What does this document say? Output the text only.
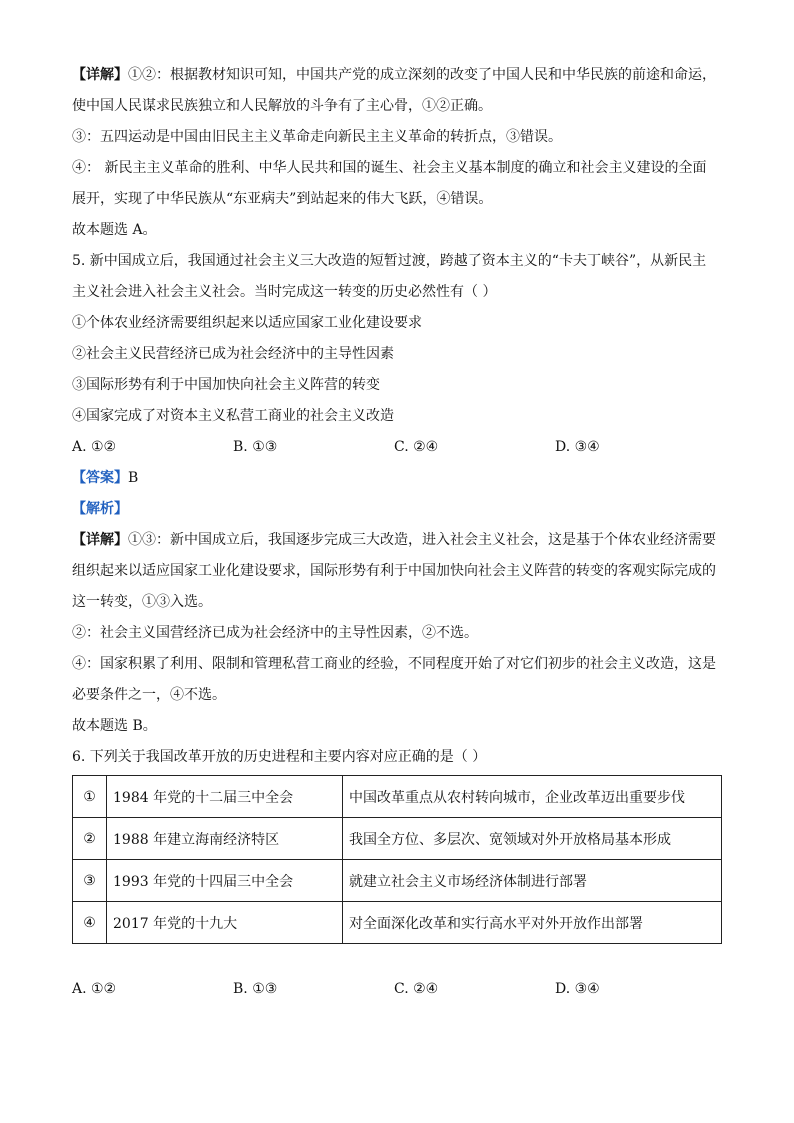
【详解】①②：根据教材知识可知，中国共产党的成立深刻的改变了中国人民和中华民族的前途和命运，
使中国人民谋求民族独立和人民解放的斗争有了主心骨，①②正确。
③：五四运动是中国由旧民主主义革命走向新民主主义革命的转折点，③错误。
④： 新民主主义革命的胜利、中华人民共和国的诞生、社会主义基本制度的确立和社会主义建设的全面
展开，实现了中华民族从“东亚病夫”到站起来的伟大飞跃，④错误。
故本题选 A。
5. 新中国成立后，我国通过社会主义三大改造的短暂过渡，跨越了资本主义的“卡夫丁峡谷”，从新民主
主义社会进入社会主义社会。当时完成这一转变的历史必然性有（ ）
①个体农业经济需要组织起来以适应国家工业化建设要求
②社会主义民营经济已成为社会经济中的主导性因素
③国际形势有利于中国加快向社会主义阵营的转变
④国家完成了对资本主义私营工商业的社会主义改造
A. ①②	B. ①③	C. ②④	D. ③④
【答案】B
【解析】
【详解】①③：新中国成立后，我国逐步完成三大改造，进入社会主义社会，这是基于个体农业经济需要
组织起来以适应国家工业化建设要求，国际形势有利于中国加快向社会主义阵营的转变的客观实际完成的
这一转变，①③入选。
②：社会主义国营经济已成为社会经济中的主导性因素，②不选。
④：国家积累了利用、限制和管理私营工商业的经验，不同程度开始了对它们初步的社会主义改造，这是
必要条件之一，④不选。
故本题选 B。
6. 下列关于我国改革开放的历史进程和主要内容对应正确的是（ ）
①	1984 年党的十二届三中全会	中国改革重点从农村转向城市，企业改革迈出重要步伐
②	1988 年建立海南经济特区	我国全方位、多层次、宽领域对外开放格局基本形成
③	1993 年党的十四届三中全会	就建立社会主义市场经济体制进行部署
④	2017 年党的十九大	对全面深化改革和实行高水平对外开放作出部署
A. ①②	B. ①③	C. ②④	D. ③④
